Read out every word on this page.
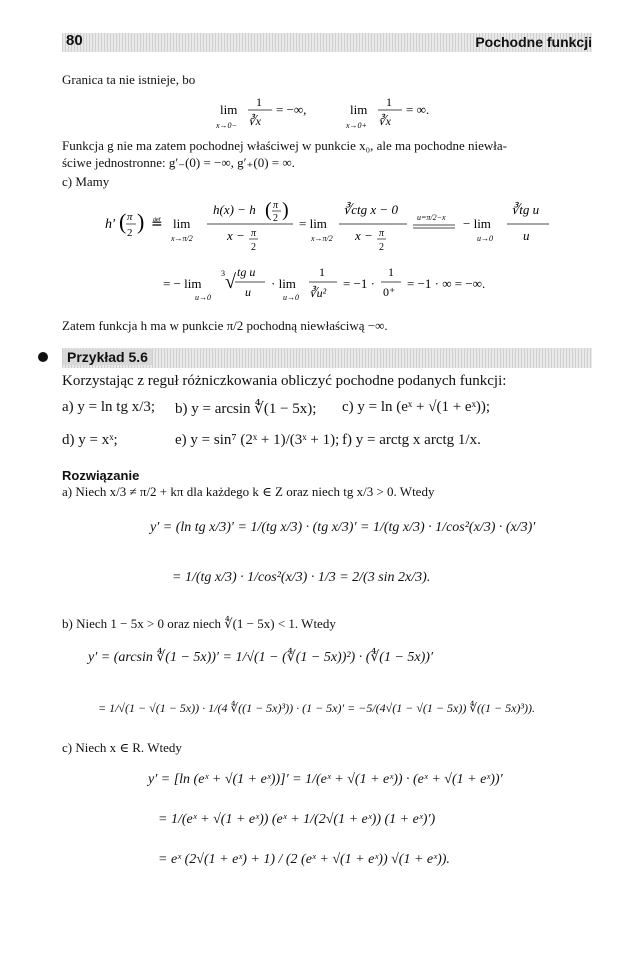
80	Pochodne funkcji
Granica ta nie istnieje, bo
lim
x→0−
1
∛x
= −∞,	lim
x→0+
1
∛x
= ∞.
Funkcja g nie ma zatem pochodnej właściwej w punkcie x₀, ale ma pochodne niewła-
ściwe jednostronne: g′₋(0) = −∞, g′₊(0) = ∞.
c) Mamy
h′ ( π
2 ) ≝ lim
x→π/2
h(x) − h ( π
2 )
x − π
2
= lim
x→π/2
∛ctg x − 0
x − π
2
u=π/2−x − lim
u→0
∛tg u
u
= − lim
u→0
√
3 tg u
u
· lim
u→0
1
∛u²
= −1 ·
1
0⁺
= −1 · ∞ = −∞.
Zatem funkcja h ma w punkcie π/2 pochodną niewłaściwą −∞.
Przykład 5.6
Korzystając z reguł różniczkowania obliczyć pochodne podanych funkcji:
a) y = ln tg x/3; b) y = arcsin ∜(1 − 5x); c) y = ln (eˣ + √(1 + eˣ));
d) y = xˣ;	e) y = sin⁷ (2ˣ + 1)/(3ˣ + 1); f) y = arctg x arctg 1/x.
Rozwiązanie
a) Niech x/3 ≠ π/2 + kπ dla każdego k ∈ Z oraz niech tg x/3 > 0. Wtedy
y′ = (ln tg x/3)′ = 1/(tg x/3) · (tg x/3)′ = 1/(tg x/3) · 1/cos²(x/3) · (x/3)′
= 1/(tg x/3) · 1/cos²(x/3) · 1/3 = 2/(3 sin 2x/3).
b) Niech 1 − 5x > 0 oraz niech ∜(1 − 5x) < 1. Wtedy
y′ = (arcsin ∜(1 − 5x))′ = 1/√(1 − (∜(1 − 5x))²) · (∜(1 − 5x))′
= 1/√(1 − √(1 − 5x)) · 1/(4 ∜((1 − 5x)³)) · (1 − 5x)′ = −5/(4√(1 − √(1 − 5x)) ∜((1 − 5x)³)).
c) Niech x ∈ R. Wtedy
y′ = [ln (eˣ + √(1 + eˣ))]′ = 1/(eˣ + √(1 + eˣ)) · (eˣ + √(1 + eˣ))′
= 1/(eˣ + √(1 + eˣ)) (eˣ + 1/(2√(1 + eˣ)) (1 + eˣ)′)
= eˣ (2√(1 + eˣ) + 1) / (2 (eˣ + √(1 + eˣ)) √(1 + eˣ)).
